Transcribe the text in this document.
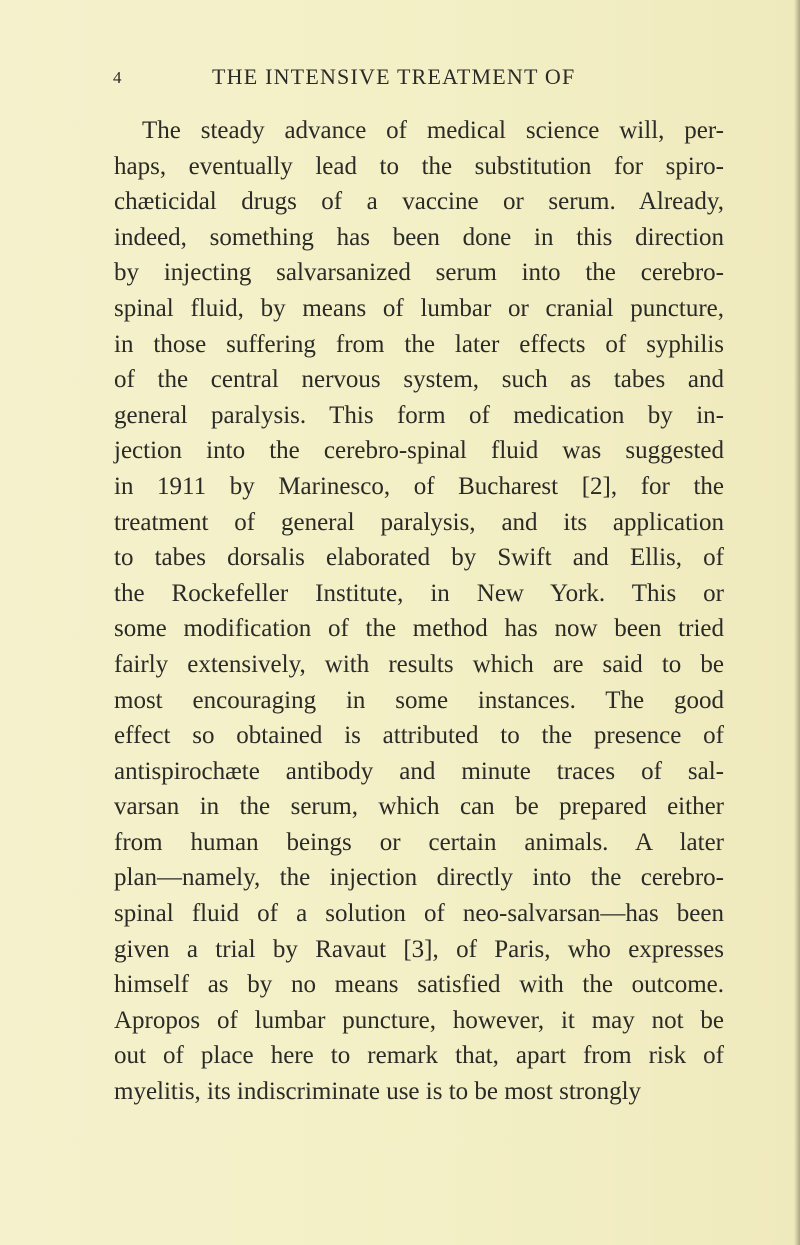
4	THE INTENSIVE TREATMENT OF
The steady advance of medical science will, per-
haps, eventually lead to the substitution for spiro-
chæticidal drugs of a vaccine or serum. Already,
indeed, something has been done in this direction
by injecting salvarsanized serum into the cerebro-
spinal fluid, by means of lumbar or cranial puncture,
in those suffering from the later effects of syphilis
of the central nervous system, such as tabes and
general paralysis. This form of medication by in-
jection into the cerebro-spinal fluid was suggested
in 1911 by Marinesco, of Bucharest [2], for the
treatment of general paralysis, and its application
to tabes dorsalis elaborated by Swift and Ellis, of
the Rockefeller Institute, in New York. This or
some modification of the method has now been tried
fairly extensively, with results which are said to be
most encouraging in some instances. The good
effect so obtained is attributed to the presence of
antispirochæte antibody and minute traces of sal-
varsan in the serum, which can be prepared either
from human beings or certain animals. A later
plan—namely, the injection directly into the cerebro-
spinal fluid of a solution of neo-salvarsan—has been
given a trial by Ravaut [3], of Paris, who expresses
himself as by no means satisfied with the outcome.
Apropos of lumbar puncture, however, it may not be
out of place here to remark that, apart from risk of
myelitis, its indiscriminate use is to be most strongly
